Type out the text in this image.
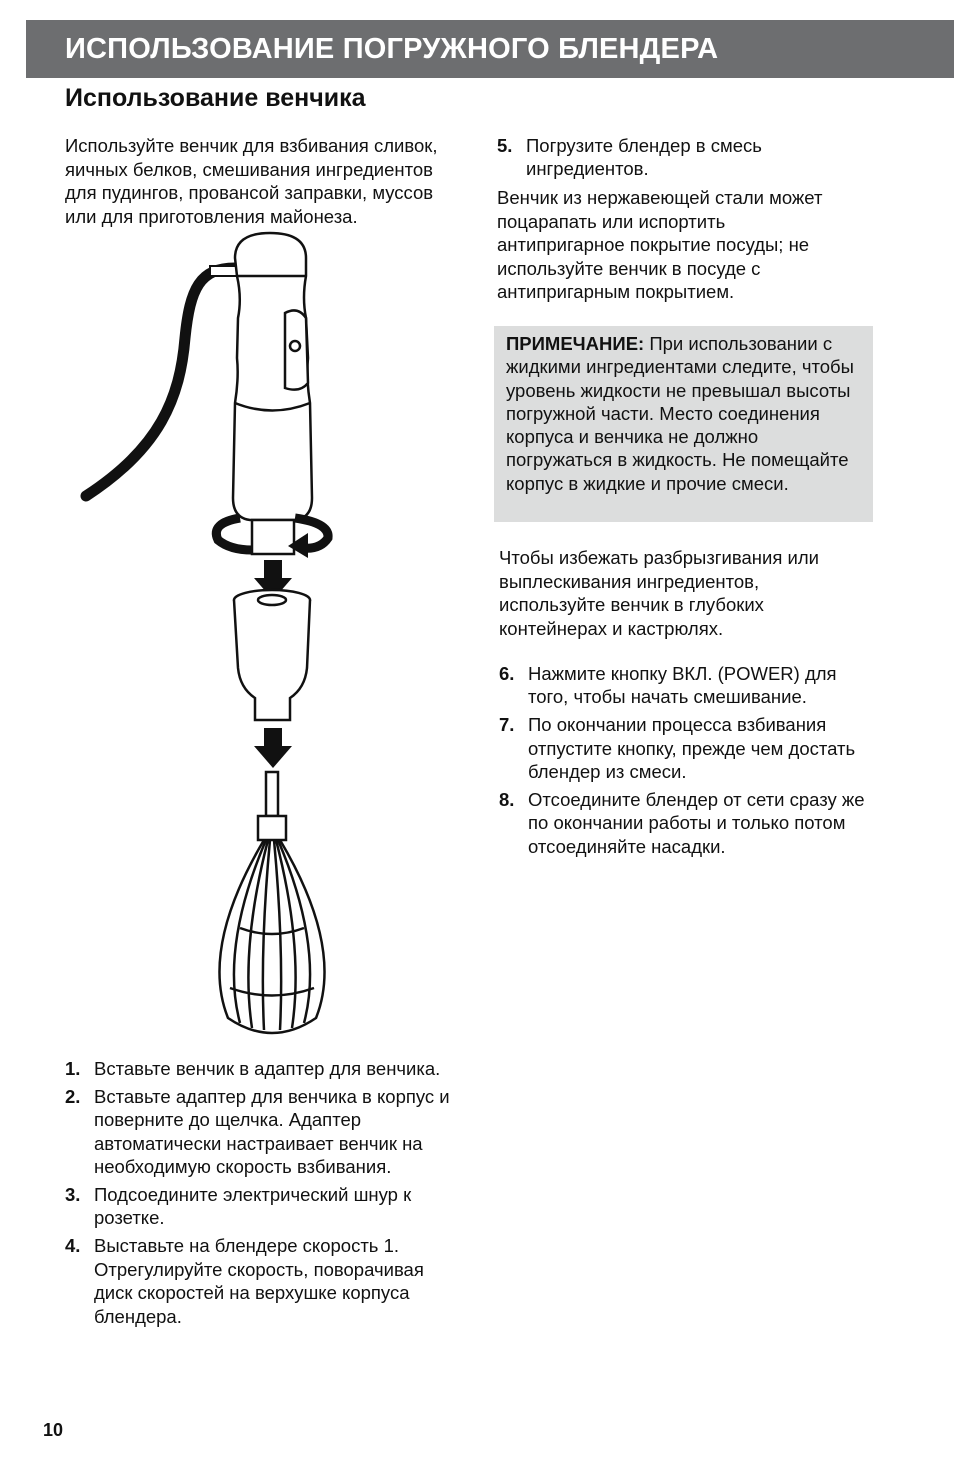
ИСПОЛЬЗОВАНИЕ ПОГРУЖНОГО БЛЕНДЕРА
Использование венчика

Используйте венчик для взбивания сливок, яичных белков, смешивания ингредиентов для пудингов, провансой заправки, муссов или для приготовления майонеза.

1. Вставьте венчик в адаптер для венчика.
2. Вставьте адаптер для венчика в корпус и поверните до щелчка. Адаптер автоматически настраивает венчик на необходимую скорость взбивания.
3. Подсоедините электрический шнур к розетке.
4. Выставьте на блендере скорость 1. Отрегулируйте скорость, поворачивая диск скоростей на верхушке корпуса блендера.
5. Погрузите блендер в смесь ингредиентов.

Венчик из нержавеющей стали может поцарапать или испортить антипригарное покрытие посуды; не используйте венчик в посуде с антипригарным покрытием.

ПРИМЕЧАНИЕ: При использовании с жидкими ингредиентами следите, чтобы уровень жидкости не превышал высоты погружной части. Место соединения корпуса и венчика не должно погружаться в жидкость. Не помещайте корпус в жидкие и прочие смеси.

Чтобы избежать разбрызгивания или выплескивания ингредиентов, используйте венчик в глубоких контейнерах и кастрюлях.

6. Нажмите кнопку ВКЛ. (POWER) для того, чтобы начать смешивание.
7. По окончании процесса взбивания отпустите кнопку, прежде чем достать блендер из смеси.
8. Отсоедините блендер от сети сразу же по окончании работы и только потом отсоединяйте насадки.
10
